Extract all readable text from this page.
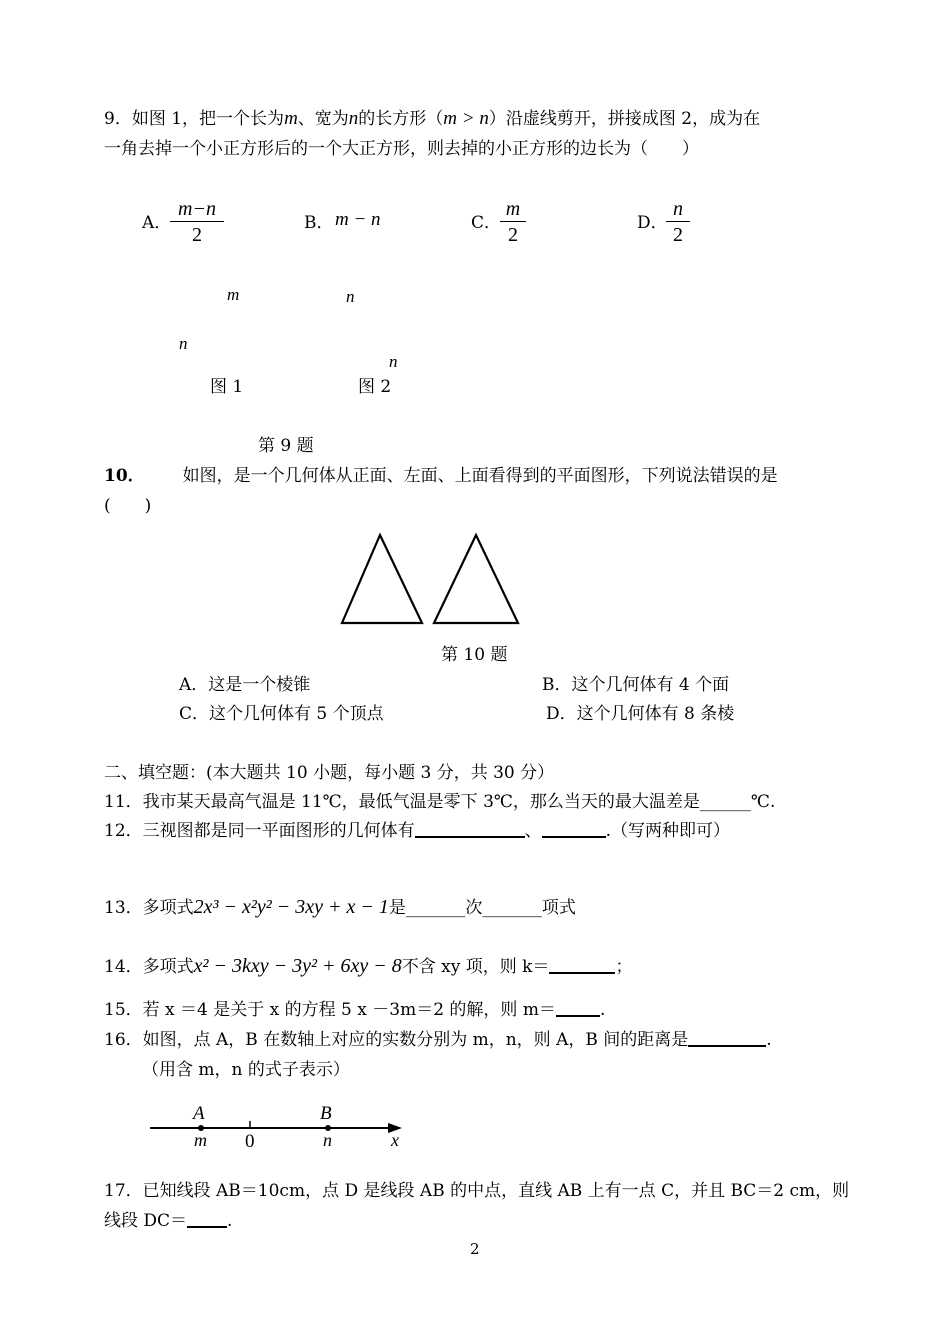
9．如图 1，把一个长为m、宽为n的长方形（m > n）沿虚线剪开，拼接成图 2，成为在
一角去掉一个小正方形后的一个大正方形，则去掉的小正方形的边长为（　　）
A．
$\frac{m-n}{2}$	B． m − n	C．
$\frac{m}{2}$	D．
$\frac{n}{2}$
m	n
n
n
图 1	图 2
第 9 题
10． 如图，是一个几何体从正面、左面、上面看得到的平面图形，下列说法错误的是
(　　)
第 10 题
A．这是一个棱锥	B．这个几何体有 4 个面
C．这个几何体有 5 个顶点	D．这个几何体有 8 条棱
二、填空题：(本大题共 10 小题，每小题 3 分，共 30 分）
11．我市某天最高气温是 11℃，最低气温是零下 3℃，那么当天的最大温差是______℃.
12．三视图都是同一平面图形的几何体有	、	.（写两种即可）
13．多项式2x³ − x²y² − 3xy + x − 1是_______次_______项式
14．多项式x² − 3kxy − 3y² + 6xy − 8不含 xy 项，则 k＝	；
15．若 x ＝4 是关于 x 的方程 5 x －3m＝2 的解，则 m＝	.
16．如图，点 A，B 在数轴上对应的实数分别为 m，n，则 A，B 间的距离是	.
（用含 m，n 的式子表示）
A	B
m 0	n	x
17．已知线段 AB＝10cm，点 D 是线段 AB 的中点，直线 AB 上有一点 C，并且 BC＝2 cm，则
线段 DC＝ .
2
